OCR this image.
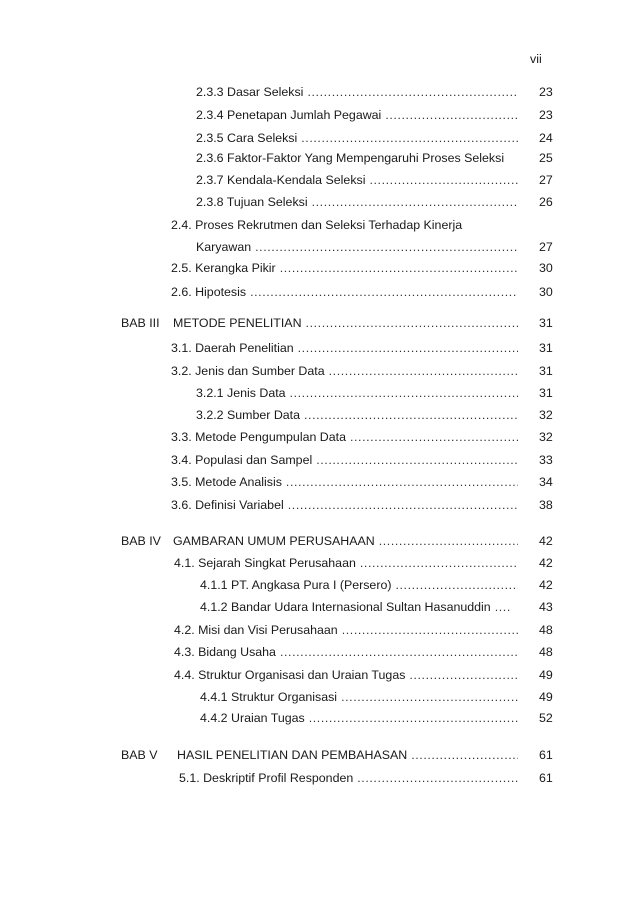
vii
2.3.3 Dasar Seleksi .....	23
2.3.4 Penetapan Jumlah Pegawai .....	23
2.3.5 Cara Seleksi .....	24
2.3.6 Faktor-Faktor Yang Mempengaruhi Proses Seleksi	25
2.3.7 Kendala-Kendala Seleksi .....	27
2.3.8 Tujuan Seleksi .....	26
2.4. Proses Rekrutmen dan Seleksi Terhadap Kinerja
Karyawan .....	27
2.5. Kerangka Pikir .....	30
2.6. Hipotesis .....	30
BAB III METODE PENELITIAN .....	31
3.1. Daerah Penelitian .....	31
3.2. Jenis dan Sumber Data .....	31
3.2.1 Jenis Data .....	31
3.2.2 Sumber Data .....	32
3.3. Metode Pengumpulan Data .....	32
3.4. Populasi dan Sampel .....	33
3.5. Metode Analisis .....	34
3.6. Definisi Variabel .....	38
BAB IV GAMBARAN UMUM PERUSAHAAN .....	42
4.1. Sejarah Singkat Perusahaan .....	42
4.1.1 PT. Angkasa Pura I (Persero) .....	42
4.1.2 Bandar Udara Internasional Sultan Hasanuddin .....	43
4.2. Misi dan Visi Perusahaan .....	48
4.3. Bidang Usaha .....	48
4.4. Struktur Organisasi dan Uraian Tugas .....	49
4.4.1 Struktur Organisasi .....	49
4.4.2 Uraian Tugas .....	52
BAB V HASIL PENELITIAN DAN PEMBAHASAN .....	61
5.1. Deskriptif Profil Responden .....	61
